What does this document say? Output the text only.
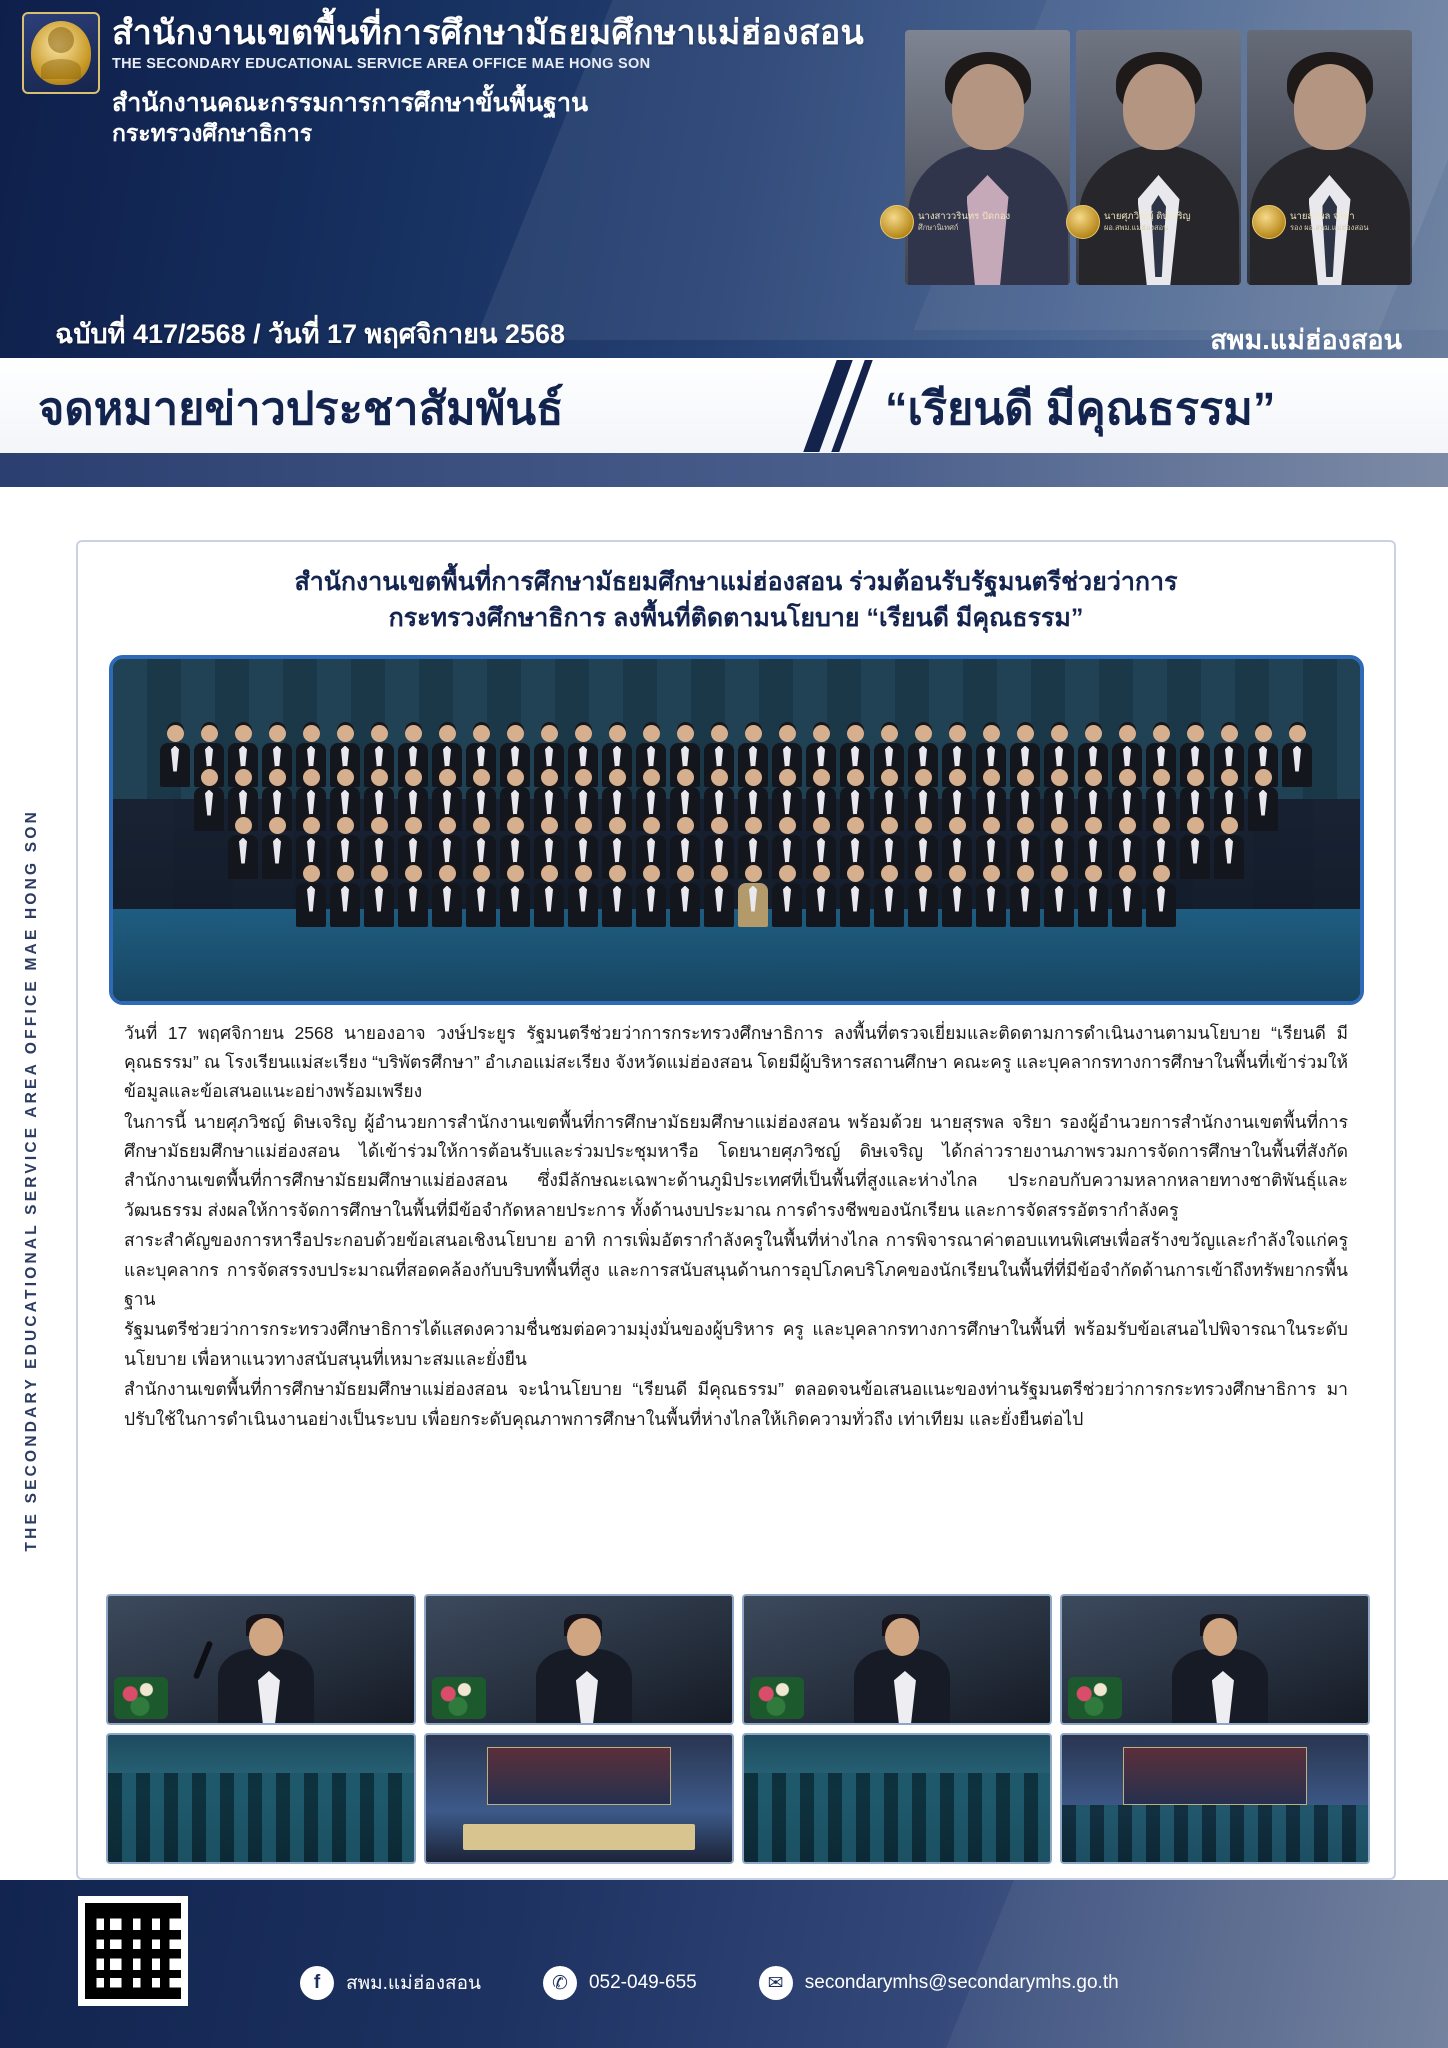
สำนักงานเขตพื้นที่การศึกษามัธยมศึกษาแม่ฮ่องสอน
THE SECONDARY EDUCATIONAL SERVICE AREA OFFICE MAE HONG SON
สำนักงานคณะกรรมการการศึกษาขั้นพื้นฐาน
กระทรวงศึกษาธิการ
นางสาววรินทร ปัดกอง
ศึกษานิเทศก์
นายศุภวิชญ์ ดิษเจริญ
ผอ.สพม.แม่ฮ่องสอน
นายสุรพล จริยา
รอง ผอ.สพม.แม่ฮ่องสอน
ฉบับที่ 417/2568 / วันที่ 17 พฤศจิกายน 2568	สพม.แม่ฮ่องสอน
จดหมายข่าวประชาสัมพันธ์	“เรียนดี มีคุณธรรม”
THE SECONDARY EDUCATIONAL SERVICE AREA OFFICE MAE HONG SON
สำนักงานเขตพื้นที่การศึกษามัธยมศึกษาแม่ฮ่องสอน ร่วมต้อนรับรัฐมนตรีช่วยว่าการ
กระทรวงศึกษาธิการ ลงพื้นที่ติดตามนโยบาย “เรียนดี มีคุณธรรม”

วันที่ 17 พฤศจิกายน 2568 นายองอาจ วงษ์ประยูร รัฐมนตรีช่วยว่าการกระทรวงศึกษาธิการ ลงพื้นที่ตรวจเยี่ยมและติดตามการดำเนินงานตามนโยบาย “เรียนดี มีคุณธรรม” ณ โรงเรียนแม่สะเรียง “บริพัตรศึกษา” อำเภอแม่สะเรียง จังหวัดแม่ฮ่องสอน โดยมีผู้บริหารสถานศึกษา คณะครู และบุคลากรทางการศึกษาในพื้นที่เข้าร่วมให้ข้อมูลและข้อเสนอแนะอย่างพร้อมเพรียง

ในการนี้ นายศุภวิชญ์ ดิษเจริญ ผู้อำนวยการสำนักงานเขตพื้นที่การศึกษามัธยมศึกษาแม่ฮ่องสอน พร้อมด้วย นายสุรพล จริยา รองผู้อำนวยการสำนักงานเขตพื้นที่การศึกษามัธยมศึกษาแม่ฮ่องสอน ได้เข้าร่วมให้การต้อนรับและร่วมประชุมหารือ โดยนายศุภวิชญ์ ดิษเจริญ ได้กล่าวรายงานภาพรวมการจัดการศึกษาในพื้นที่สังกัดสำนักงานเขตพื้นที่การศึกษามัธยมศึกษาแม่ฮ่องสอน ซึ่งมีลักษณะเฉพาะด้านภูมิประเทศที่เป็นพื้นที่สูงและห่างไกล ประกอบกับความหลากหลายทางชาติพันธุ์และวัฒนธรรม ส่งผลให้การจัดการศึกษาในพื้นที่มีข้อจำกัดหลายประการ ทั้งด้านงบประมาณ การดำรงชีพของนักเรียน และการจัดสรรอัตรากำลังครู

สาระสำคัญของการหารือประกอบด้วยข้อเสนอเชิงนโยบาย อาทิ การเพิ่มอัตรากำลังครูในพื้นที่ห่างไกล การพิจารณาค่าตอบแทนพิเศษเพื่อสร้างขวัญและกำลังใจแก่ครูและบุคลากร การจัดสรรงบประมาณที่สอดคล้องกับบริบทพื้นที่สูง และการสนับสนุนด้านการอุปโภคบริโภคของนักเรียนในพื้นที่ที่มีข้อจำกัดด้านการเข้าถึงทรัพยากรพื้นฐาน

รัฐมนตรีช่วยว่าการกระทรวงศึกษาธิการได้แสดงความชื่นชมต่อความมุ่งมั่นของผู้บริหาร ครู และบุคลากรทางการศึกษาในพื้นที่ พร้อมรับข้อเสนอไปพิจารณาในระดับนโยบาย เพื่อหาแนวทางสนับสนุนที่เหมาะสมและยั่งยืน

สำนักงานเขตพื้นที่การศึกษามัธยมศึกษาแม่ฮ่องสอน จะนำนโยบาย “เรียนดี มีคุณธรรม” ตลอดจนข้อเสนอแนะของท่านรัฐมนตรีช่วยว่าการกระทรวงศึกษาธิการ มาปรับใช้ในการดำเนินงานอย่างเป็นระบบ เพื่อยกระดับคุณภาพการศึกษาในพื้นที่ห่างไกลให้เกิดความทั่วถึง เท่าเทียม และยั่งยืนต่อไป

f	สพม.แม่ฮ่องสอน	✆	052-049-655	✉	secondarymhs@secondarymhs.go.th
